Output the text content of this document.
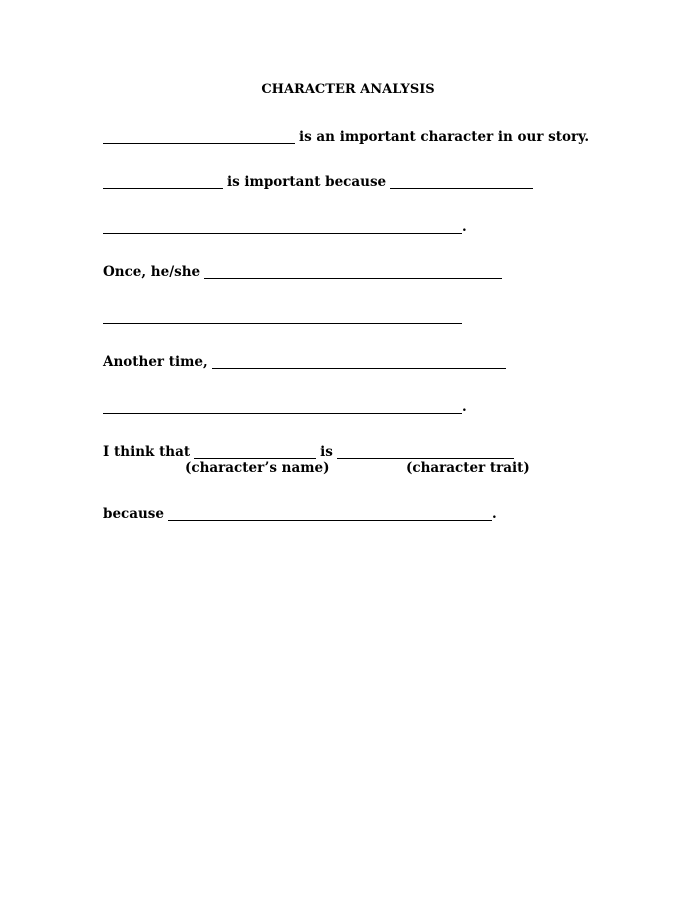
CHARACTER ANALYSIS
is an important character in our story.
is important because
.
Once, he/she
Another time,
.
I think that	is
(character’s name)	(character trait)
because	.
